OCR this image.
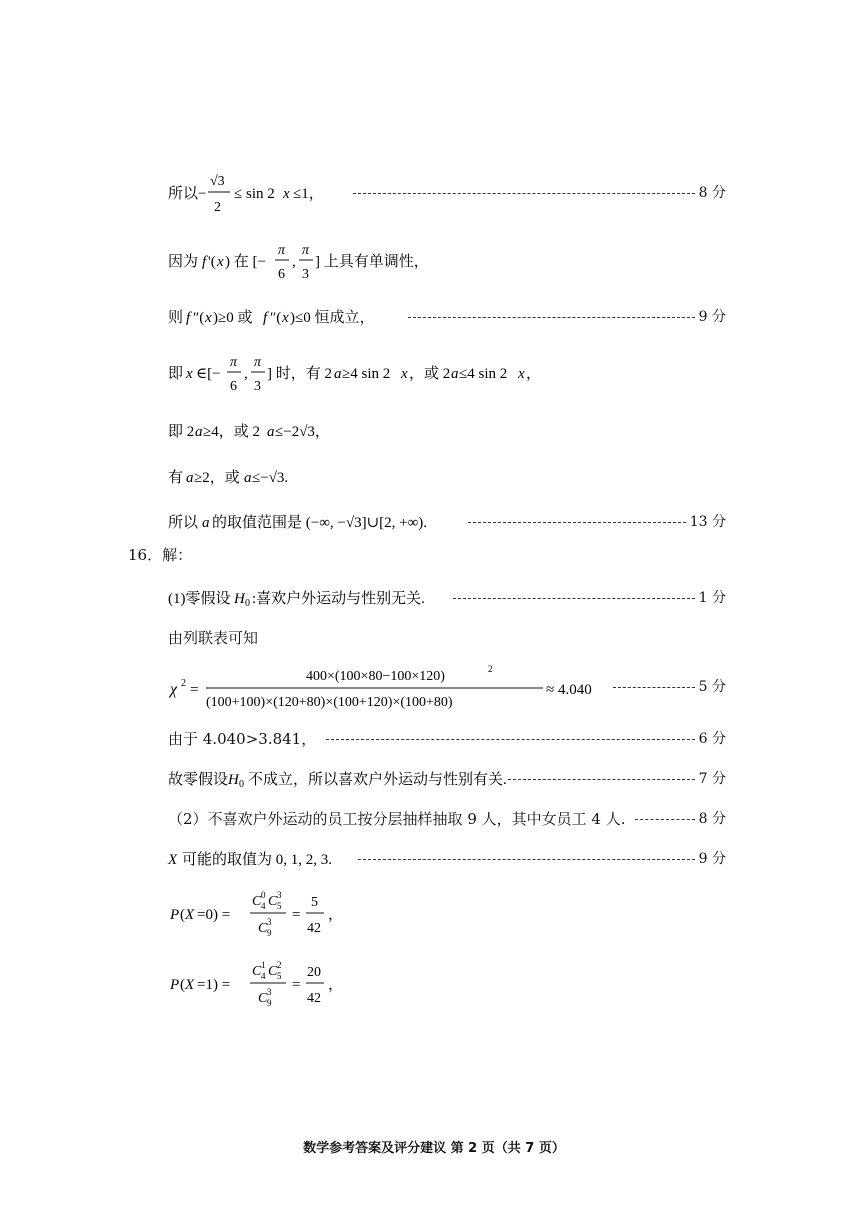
所以 −
√3
2
≤ sin 2 x ≤1，	8 分
因为 f '( x ) 在 [−
π
6
,
π
3
] 上具有单调性，
则 f ″( x )≥0 或 f ″( x )≤0 恒成立，	9 分
即 x ∈[−
π
6
,
π
3
] 时，有 2 a ≥4 sin 2 x ，或 2 a ≤4 sin 2 x ，
即 2 a ≥4，或 2 a ≤−2√3，
有 a ≥2，或 a ≤−√3.
所以 a 的取值范围是 (−∞, −√3]∪[2, +∞).	13 分
16．解：
(1)零假设 H 0 :喜欢户外运动与性别无关.	1 分
由列联表可知
χ 2 =
400×(100×80−100×120)	2
(100+100)×(120+80)×(100+120)×(100+80)
≈ 4.040	5 分
由于 4.040>3.841，	6 分
故零假设 H 0 不成立，所以喜欢户外运动与性别有关.	7 分
（2）不喜欢户外运动的员工按分层抽样抽取 9 人，其中女员工 4 人.	8 分
X 可能的取值为 0, 1, 2, 3.	9 分
P ( X =0) =
C 4
0 C 5
3
C 9
3 =
5
42
，
P ( X =1) =
C 4
1 C 5
2
C 9
3 =
20
42
，
数学参考答案及评分建议 第 2 页（共 7 页）
